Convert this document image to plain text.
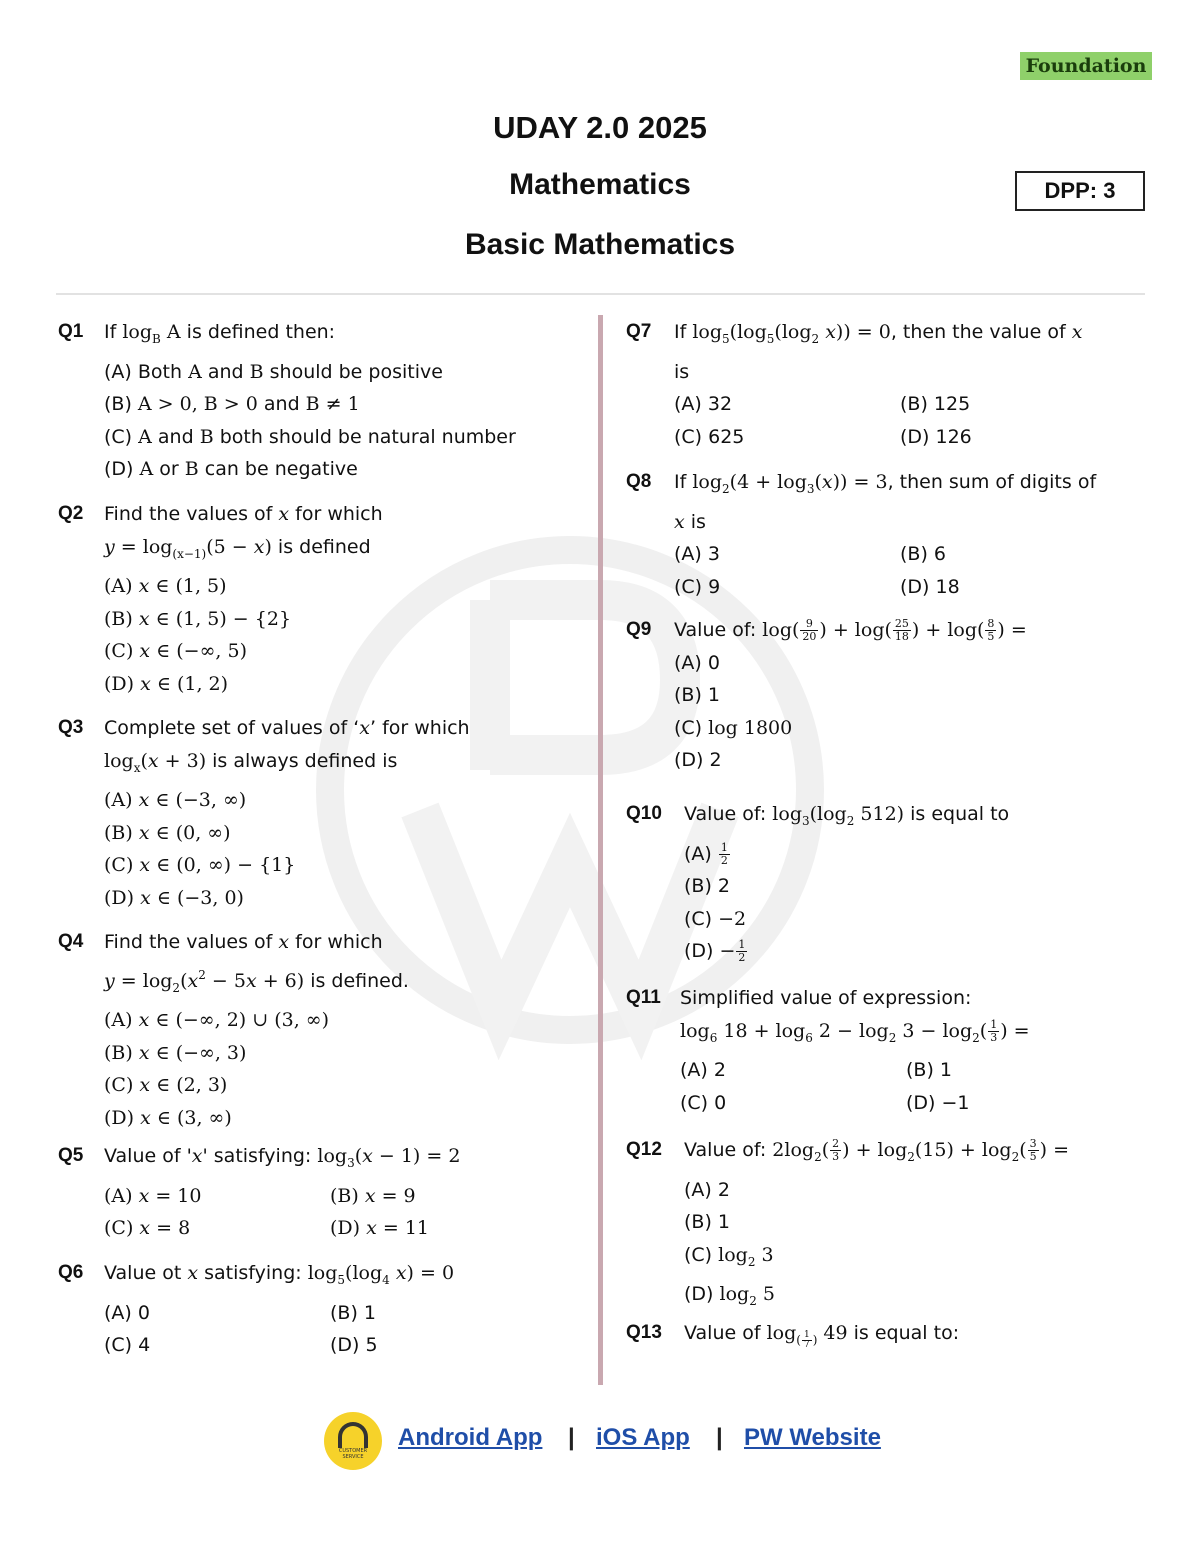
Foundation
UDAY 2.0 2025
Mathematics
Basic Mathematics
DPP: 3
Q1 If $\log_B A$ is defined then:
(A) Both A and B should be positive
(B) A > 0, B > 0 and B ≠ 1
(C) A and B both should be natural number
(D) A or B can be negative
Q2 Find the values of x for which
$y = \log_{(x-1)}(5 - x)$ is defined
(A) x ∈ (1, 5)
(B) x ∈ (1, 5) − {2}
(C) x ∈ (−∞, 5)
(D) x ∈ (1, 2)
Q3 Complete set of values of ‘x’ for which
$\log_x(x + 3)$ is always defined is
(A) x ∈ (−3, ∞)
(B) x ∈ (0, ∞)
(C) x ∈ (0, ∞) − {1}
(D) x ∈ (−3, 0)
Q4 Find the values of x for which
$y = \log_2(x^2 - 5x + 6)$ is defined.
(A) x ∈ (−∞, 2) ∪ (3, ∞)
(B) x ∈ (−∞, 3)
(C) x ∈ (2, 3)
(D) x ∈ (3, ∞)
Q5 Value of 'x' satisfying: $\log_3(x - 1) = 2$
(A) x = 10	(B) x = 9
(C) x = 8	(D) x = 11
Q6 Value ot x satisfying: $\log_5(\log_4$ x) = 0
(A) 0	(B) 1
(C) 4	(D) 5
Q7 If $\log_5(\log_5(\log_2$ x)) = 0, then the value of x
is
(A) 32	(B) 125
(C) 625	(D) 126
Q8 If $\log_2(4 + \log_3(x)) = 3$, then sum of digits of
x is
(A) 3	(B) 6
(C) 9	(D) 18
Q9 Value of: $\log( \frac{9}{20}$ ) + $\log( \frac{25}{18}$ ) + $\log( \frac{8}{5}$ ) =
(A) 0
(B) 1
(C) log 1800
(D) 2
Q10 Value of: $\log_3(\log_2$ 512) is equal to
$(A) \frac{1}{2}$
(B) 2
(C) −2
$(D) - \frac{1}{2}$
Q11 Simplified value of expression:
$\log_6 18 + \log_6 2 - \log_2 3 - \log_2( \frac{1}{3}$ ) =
(A) 2	(B) 1
(C) 0	(D) −1
Q12 Value of: $2\log_2( \frac{2}{3}$ ) + $\log_2(15) + \log_2( \frac{3}{5}$ ) =
(A) 2
(B) 1
(C) $\log_2 3$
(D) $\log_2 5$
Q13 Value of $\log_{( \frac{1}{7} )} 49$ is equal to:
CUSTOMER SERVICE
Android App | iOS App | PW Website
